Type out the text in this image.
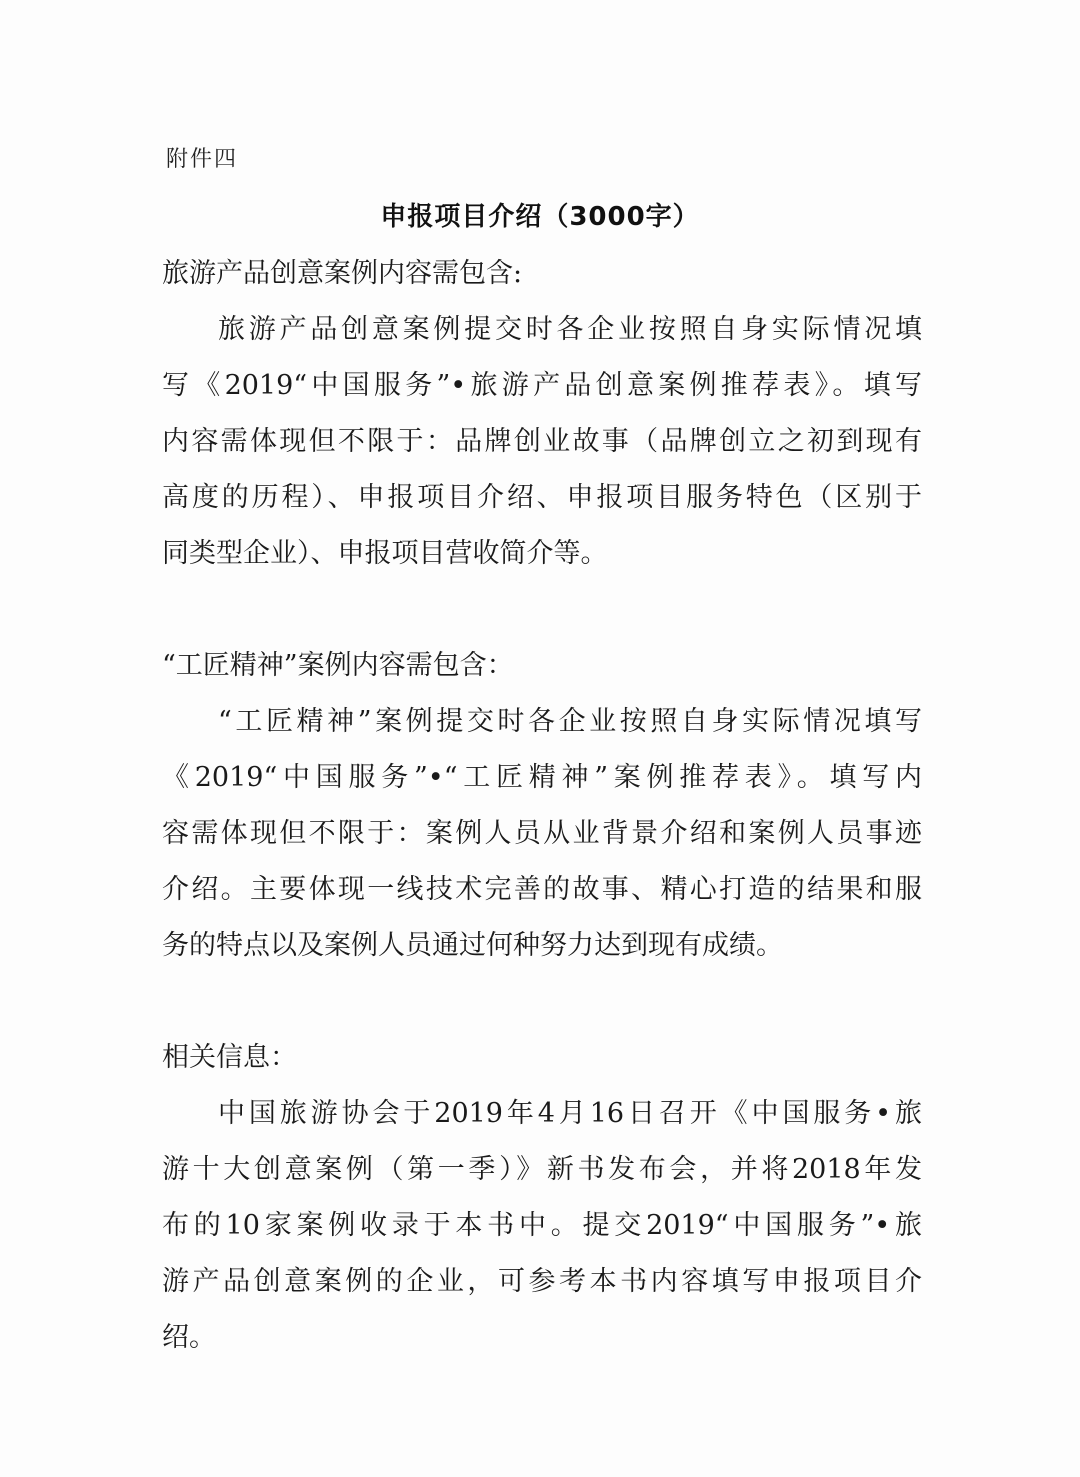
附件四
申报项目介绍（3000字）
旅游产品创意案例内容需包含:
旅游产品创意案例提交时各企业按照自身实际情况填
写《2019“中国服务”•旅游产品创意案例推荐表》。填写
内容需体现但不限于：品牌创业故事（品牌创立之初到现有
高度的历程）、申报项目介绍、申报项目服务特色（区别于
同类型企业）、申报项目营收简介等。
“工匠精神”案例内容需包含：
“工匠精神”案例提交时各企业按照自身实际情况填写
《2019“中国服务”•“工匠精神”案例推荐表》。填写内
容需体现但不限于：案例人员从业背景介绍和案例人员事迹
介绍。主要体现一线技术完善的故事、精心打造的结果和服
务的特点以及案例人员通过何种努力达到现有成绩。
相关信息：
中国旅游协会于2019年4月16日召开《中国服务•旅
游十大创意案例（第一季）》新书发布会，并将2018年发
布的10家案例收录于本书中。提交2019“中国服务”•旅
游产品创意案例的企业，可参考本书内容填写申报项目介
绍。
